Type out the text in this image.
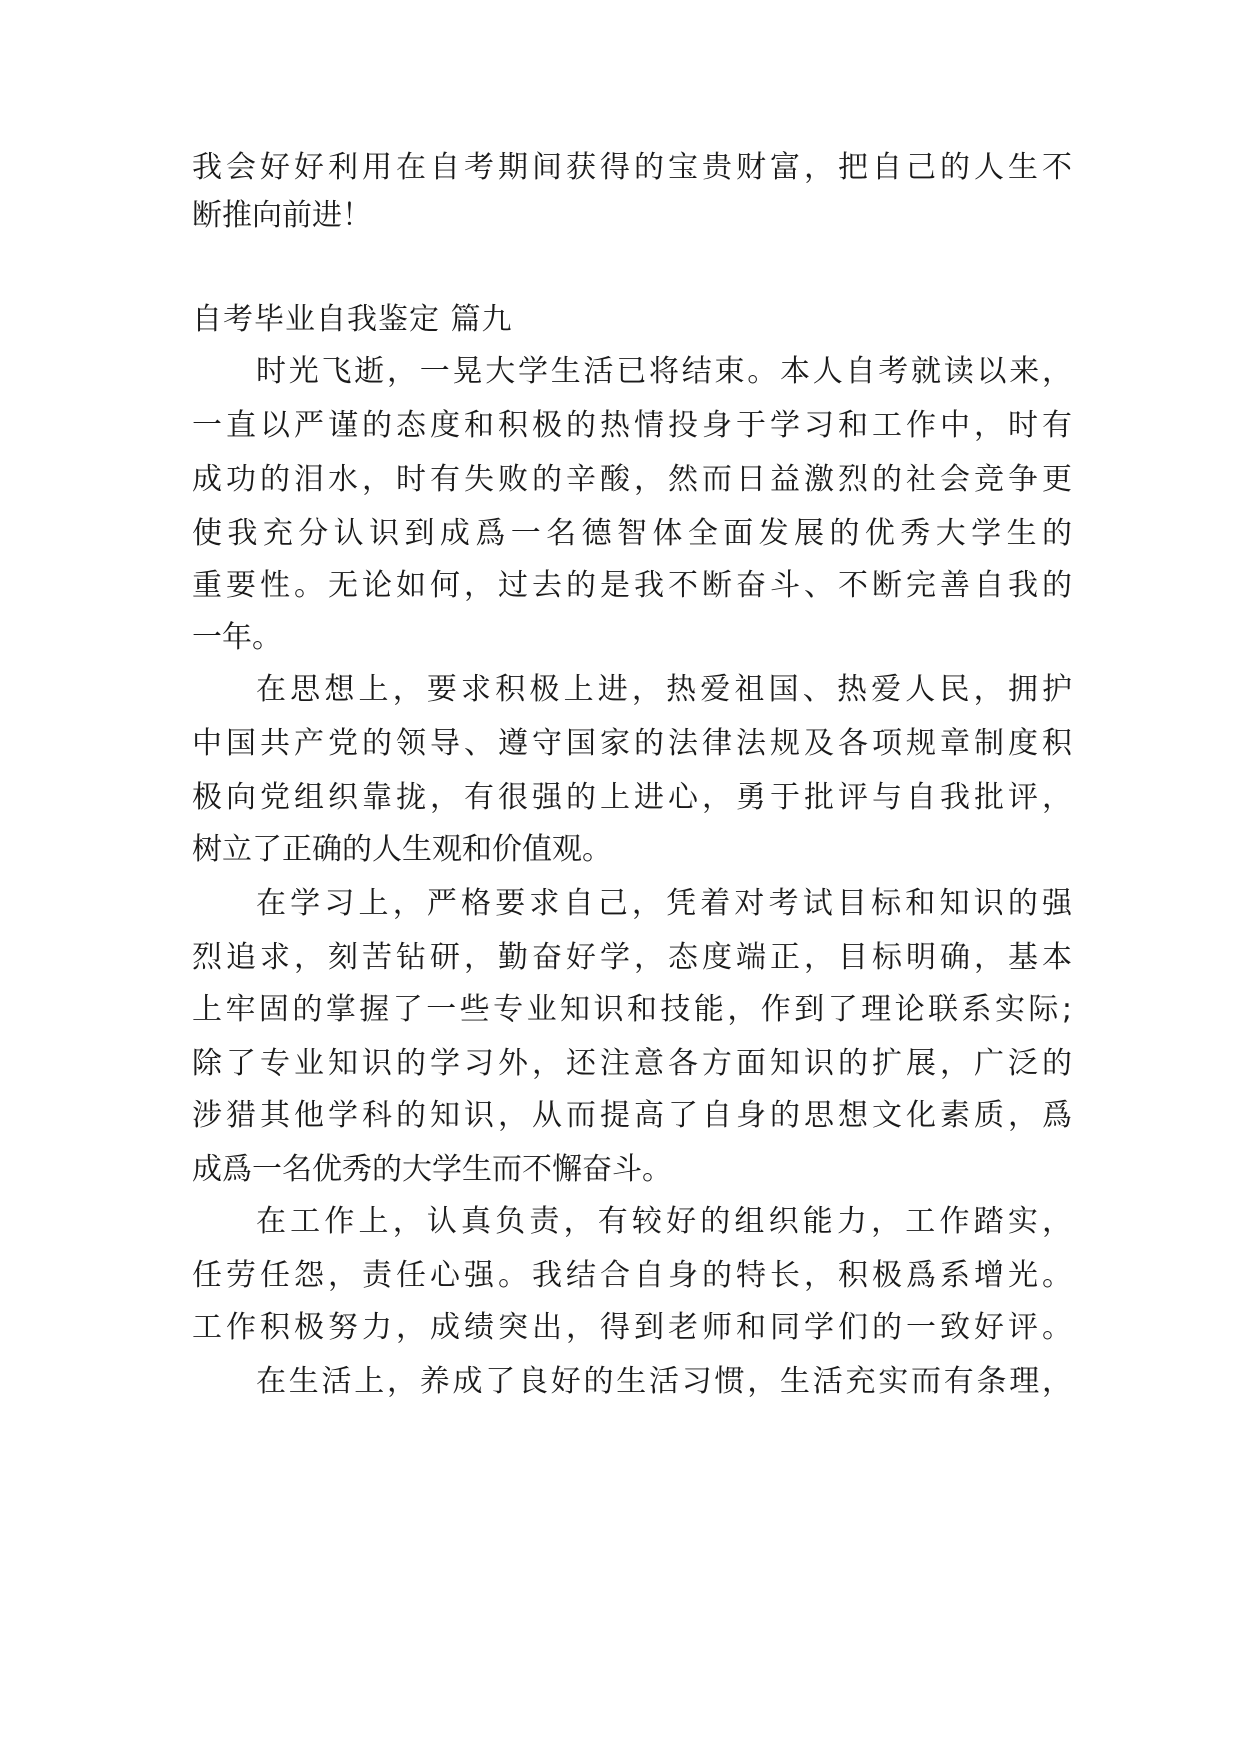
我会好好利用在自考期间获得的宝贵财富，把自己的人生不
断推向前进！
自考毕业自我鉴定 篇九
时光飞逝，一晃大学生活已将结束。本人自考就读以来，
一直以严谨的态度和积极的热情投身于学习和工作中，时有
成功的泪水，时有失败的辛酸，然而日益激烈的社会竞争更
使我充分认识到成爲一名德智体全面发展的优秀大学生的
重要性。无论如何，过去的是我不断奋斗、不断完善自我的
一年。
在思想上，要求积极上进，热爱祖国、热爱人民，拥护
中国共产党的领导、遵守国家的法律法规及各项规章制度积
极向党组织靠拢，有很强的上进心，勇于批评与自我批评，
树立了正确的人生观和价值观。
在学习上，严格要求自己，凭着对考试目标和知识的强
烈追求，刻苦钻研，勤奋好学，态度端正，目标明确，基本
上牢固的掌握了一些专业知识和技能，作到了理论联系实际;
除了专业知识的学习外，还注意各方面知识的扩展，广泛的
涉猎其他学科的知识，从而提高了自身的思想文化素质，爲
成爲一名优秀的大学生而不懈奋斗。
在工作上，认真负责，有较好的组织能力，工作踏实，
任劳任怨，责任心强。我结合自身的特长，积极爲系增光。
工作积极努力，成绩突出，得到老师和同学们的一致好评。
在生活上，养成了良好的生活习惯，生活充实而有条理，
